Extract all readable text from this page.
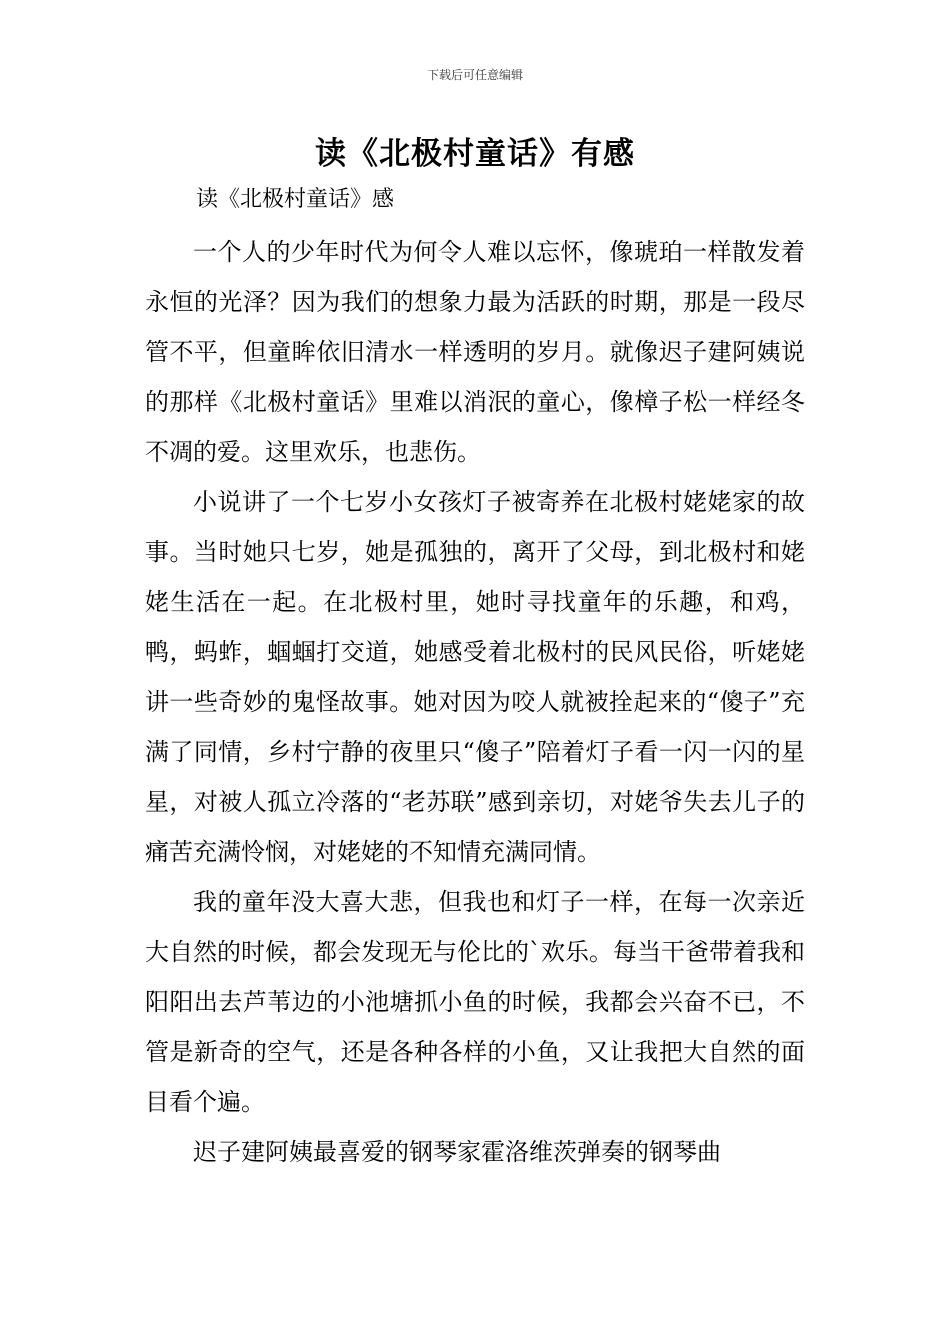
下载后可任意编辑
读《北极村童话》有感
读《北极村童话》感

一个人的少年时代为何令人难以忘怀，像琥珀一样散发着永恒的光泽？因为我们的想象力最为活跃的时期，那是一段尽管不平，但童眸依旧清水一样透明的岁月。就像迟子建阿姨说的那样《北极村童话》里难以消泯的童心，像樟子松一样经冬不凋的爱。这里欢乐，也悲伤。

小说讲了一个七岁小女孩灯子被寄养在北极村姥姥家的故事。当时她只七岁，她是孤独的，离开了父母，到北极村和姥姥生活在一起。在北极村里，她时寻找童年的乐趣，和鸡，鸭，蚂蚱，蝈蝈打交道，她感受着北极村的民风民俗，听姥姥讲一些奇妙的鬼怪故事。她对因为咬人就被拴起来的“傻子”充满了同情，乡村宁静的夜里只“傻子”陪着灯子看一闪一闪的星星，对被人孤立冷落的“老苏联”感到亲切，对姥爷失去儿子的痛苦充满怜悯，对姥姥的不知情充满同情。

我的童年没大喜大悲，但我也和灯子一样，在每一次亲近大自然的时候，都会发现无与伦比的`欢乐。每当干爸带着我和阳阳出去芦苇边的小池塘抓小鱼的时候，我都会兴奋不已，不管是新奇的空气，还是各种各样的小鱼，又让我把大自然的面目看个遍。

迟子建阿姨最喜爱的钢琴家霍洛维茨弹奏的钢琴曲
